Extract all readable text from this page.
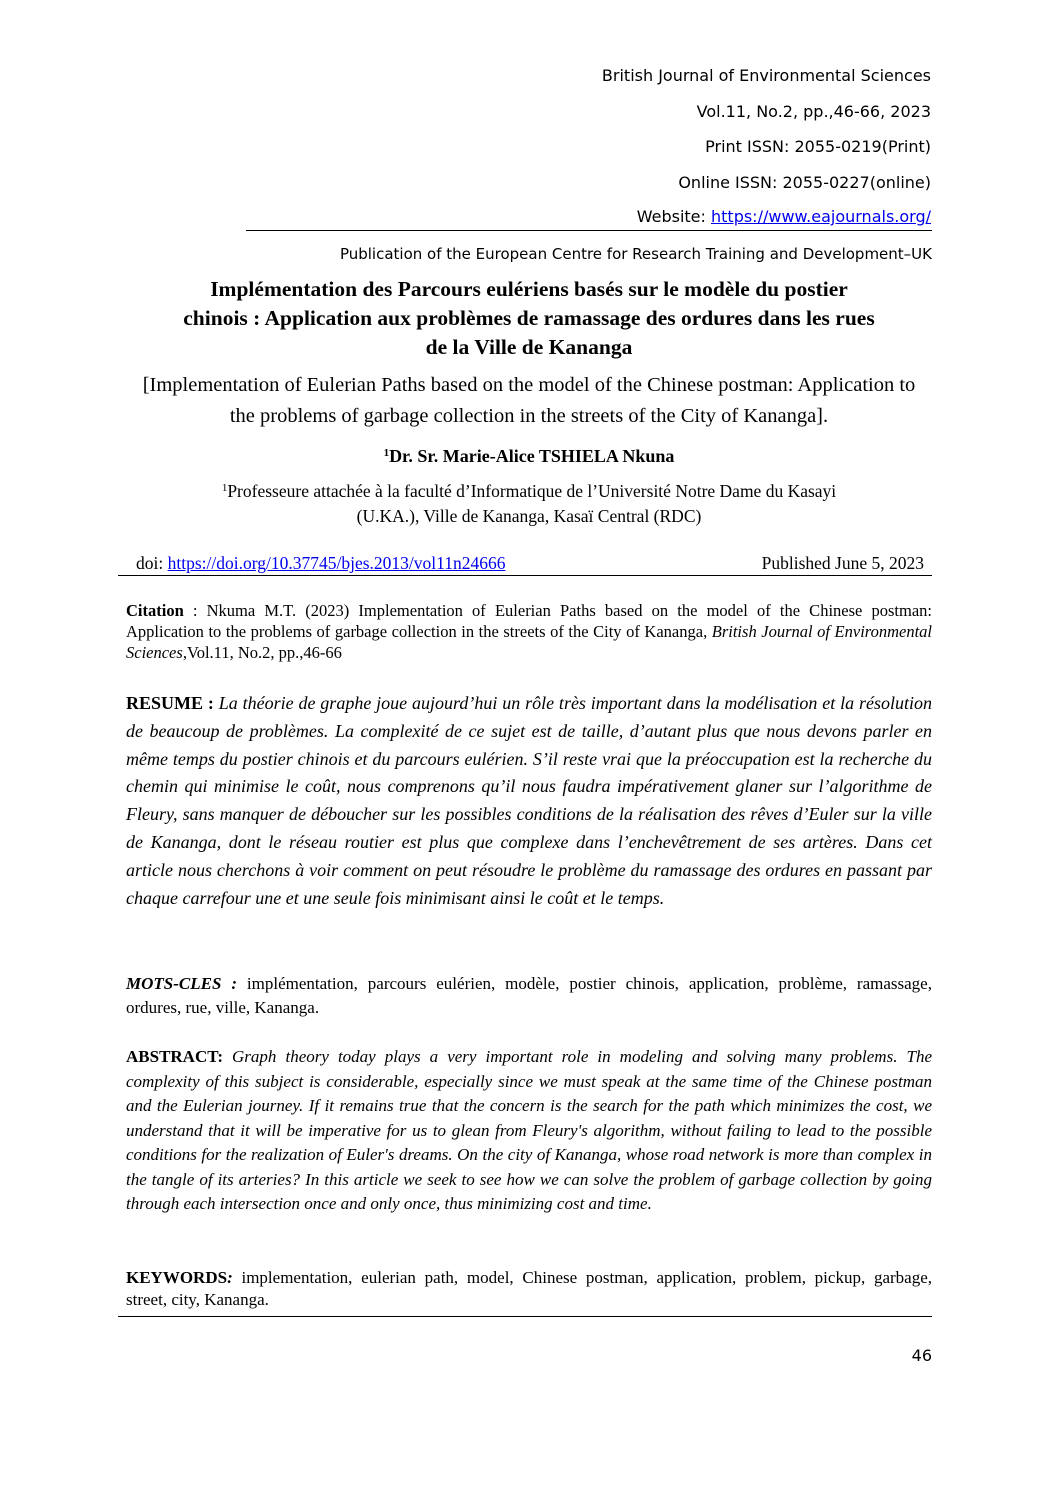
British Journal of Environmental Sciences
Vol.11, No.2, pp.,46-66, 2023
Print ISSN: 2055-0219(Print)
Online ISSN: 2055-0227(online)
Website: https://www.eajournals.org/
Publication of the European Centre for Research Training and Development–UK
Implémentation des Parcours eulériens basés sur le modèle du postier
chinois : Application aux problèmes de ramassage des ordures dans les rues
de la Ville de Kananga
[Implementation of Eulerian Paths based on the model of the Chinese postman: Application to
the problems of garbage collection in the streets of the City of Kananga].
$^1$Dr. Sr. Marie-Alice TSHIELA Nkuna
$^1$Professeure attachée à la faculté d’Informatique de l’Université Notre Dame du Kasayi
(U.KA.), Ville de Kananga, Kasaï Central (RDC)
doi: https://doi.org/10.37745/bjes.2013/vol11n24666	Published June 5, 2023
Citation : Nkuma M.T. (2023) Implementation of Eulerian Paths based on the model of the Chinese postman: Application to the problems of garbage collection in the streets of the City of Kananga, British Journal of Environmental Sciences,Vol.11, No.2, pp.,46-66
RESUME : La théorie de graphe joue aujourd’hui un rôle très important dans la modélisation et la résolution de beaucoup de problèmes. La complexité de ce sujet est de taille, d’autant plus que nous devons parler en même temps du postier chinois et du parcours eulérien. S’il reste vrai que la préoccupation est la recherche du chemin qui minimise le coût, nous comprenons qu’il nous faudra impérativement glaner sur l’algorithme de Fleury, sans manquer de déboucher sur les possibles conditions de la réalisation des rêves d’Euler sur la ville de Kananga, dont le réseau routier est plus que complexe dans l’enchevêtrement de ses artères. Dans cet article nous cherchons à voir comment on peut résoudre le problème du ramassage des ordures en passant par chaque carrefour une et une seule fois minimisant ainsi le coût et le temps.
MOTS-CLES : implémentation, parcours eulérien, modèle, postier chinois, application, problème, ramassage, ordures, rue, ville, Kananga.
ABSTRACT: Graph theory today plays a very important role in modeling and solving many problems. The complexity of this subject is considerable, especially since we must speak at the same time of the Chinese postman and the Eulerian journey. If it remains true that the concern is the search for the path which minimizes the cost, we understand that it will be imperative for us to glean from Fleury's algorithm, without failing to lead to the possible conditions for the realization of Euler's dreams. On the city of Kananga, whose road network is more than complex in the tangle of its arteries? In this article we seek to see how we can solve the problem of garbage collection by going through each intersection once and only once, thus minimizing cost and time.
KEYWORDS: implementation, eulerian path, model, Chinese postman, application, problem, pickup, garbage, street, city, Kananga.
46
